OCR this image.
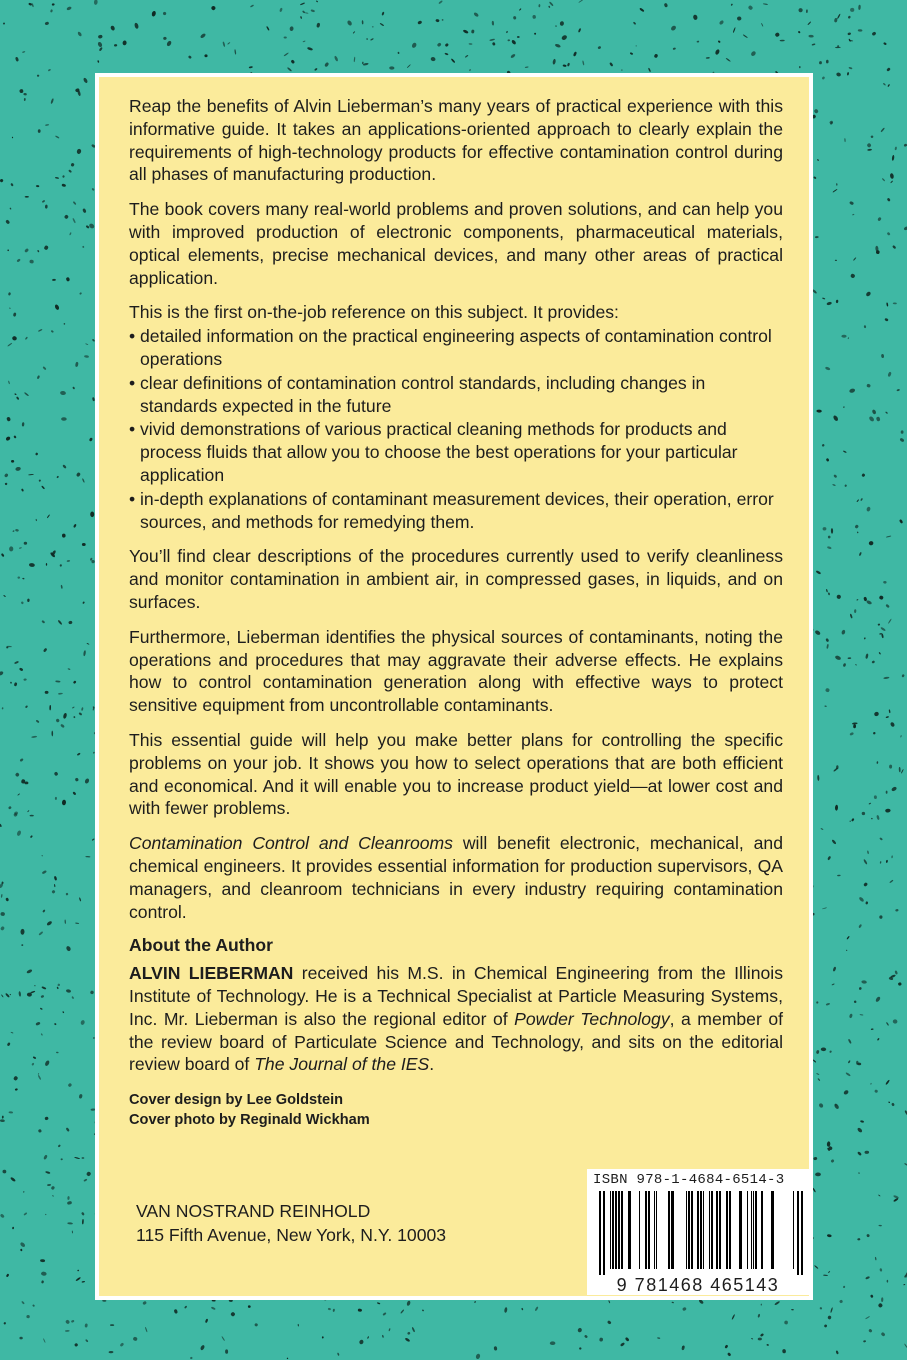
Reap the benefits of Alvin Lieberman’s many years of practical experience with this informative guide. It takes an applications-oriented approach to clearly explain the requirements of high-technology products for effective contamination control during all phases of manufacturing production.

The book covers many real-world problems and proven solutions, and can help you with improved production of electronic components, pharmaceutical materials, optical elements, precise mechanical devices, and many other areas of practical application.

This is the first on-the-job reference on this subject. It provides:

• detailed information on the practical engineering aspects of contamination control operations
• clear definitions of contamination control standards, including changes in standards expected in the future
• vivid demonstrations of various practical cleaning methods for products and process fluids that allow you to choose the best operations for your particular application
• in-depth explanations of contaminant measurement devices, their operation, error sources, and methods for remedying them.

You’ll find clear descriptions of the procedures currently used to verify cleanliness and monitor contamination in ambient air, in compressed gases, in liquids, and on surfaces.

Furthermore, Lieberman identifies the physical sources of contaminants, noting the operations and procedures that may aggravate their adverse effects. He explains how to control contamination generation along with effective ways to protect sensitive equipment from uncontrollable contaminants.

This essential guide will help you make better plans for controlling the specific problems on your job. It shows you how to select operations that are both efficient and economical. And it will enable you to increase product yield—at lower cost and with fewer problems.

Contamination Control and Cleanrooms will benefit electronic, mechanical, and chemical engineers. It provides essential information for production supervisors, QA managers, and cleanroom technicians in every industry requiring contamination control.

About the Author

ALVIN LIEBERMAN received his M.S. in Chemical Engineering from the Illinois Institute of Technology. He is a Technical Specialist at Particle Measuring Systems, Inc. Mr. Lieberman is also the regional editor of Powder Technology, a member of the review board of Particulate Science and Technology, and sits on the editorial review board of The Journal of the IES.

Cover design by Lee Goldstein
Cover photo by Reginald Wickham
VAN NOSTRAND REINHOLD
115 Fifth Avenue, New York, N.Y. 10003
ISBN 978-1-4684-6514-3
9 781468 465143
